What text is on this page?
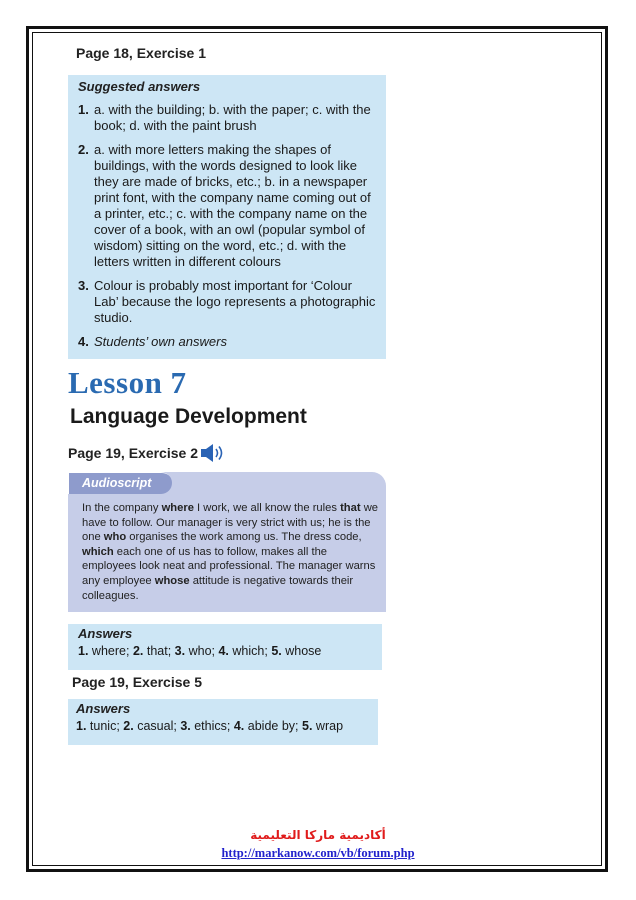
Page 18, Exercise 1

Suggested answers

1. a. with the building; b. with the paper; c. with the book; d. with the paint brush
2. a. with more letters making the shapes of buildings, with the words designed to look like they are made of bricks, etc.; b. in a newspaper print font, with the company name coming out of a printer, etc.; c. with the company name on the cover of a book, with an owl (popular symbol of wisdom) sitting on the word, etc.; d. with the letters written in different colours
3. Colour is probably most important for ‘Colour Lab’ because the logo represents a photographic studio.
4. Students’ own answers
Lesson 7
Language Development
Page 19, Exercise 2
Audioscript

In the company where I work, we all know the rules that we have to follow. Our manager is very strict with us; he is the one who organises the work among us. The dress code, which each one of us has to follow, makes all the employees look neat and professional. The manager warns any employee whose attitude is negative towards their colleagues.

Answers

1. where; 2. that; 3. who; 4. which; 5. whose

Page 19, Exercise 5

Answers

1. tunic; 2. casual; 3. ethics; 4. abide by; 5. wrap

أكاديمية ماركا التعليمية

http://markanow.com/vb/forum.php
